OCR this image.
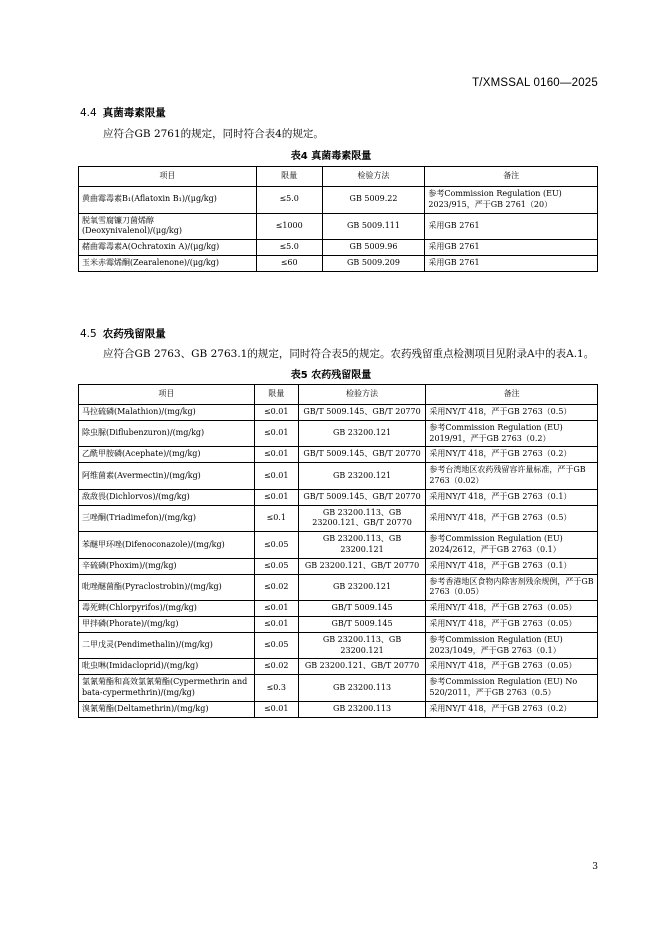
T/XMSSAL 0160—2025
4.4 真菌毒素限量
应符合GB 2761的规定，同时符合表4的规定。
表4 真菌毒素限量
项目	限量	检验方法	备注
黄曲霉毒素B₁(Aflatoxin B₁)/(μg/kg)	≤5.0	GB 5009.22	参考Commission Regulation (EU) 2023/915，严于GB 2761（20）
脱氧雪腐镰刀菌烯醇(Deoxynivalenol)/(μg/kg)	≤1000	GB 5009.111	采用GB 2761
赭曲霉毒素A(Ochratoxin A)/(μg/kg)	≤5.0	GB 5009.96	采用GB 2761
玉米赤霉烯酮(Zearalenone)/(μg/kg)	≤60	GB 5009.209	采用GB 2761
4.5 农药残留限量
应符合GB 2763、GB 2763.1的规定，同时符合表5的规定。农药残留重点检测项目见附录A中的表A.1。
表5 农药残留限量
项目	限量	检验方法	备注
马拉硫磷(Malathion)/(mg/kg)	≤0.01	GB/T 5009.145、GB/T 20770	采用NY/T 418，严于GB 2763（0.5）
除虫脲(Diflubenzuron)/(mg/kg)	≤0.01	GB 23200.121	参考Commission Regulation (EU) 2019/91，严于GB 2763（0.2）
乙酰甲胺磷(Acephate)/(mg/kg)	≤0.01	GB/T 5009.145、GB/T 20770	采用NY/T 418，严于GB 2763（0.2）
阿维菌素(Avermectin)/(mg/kg)	≤0.01	GB 23200.121	参考台湾地区农药残留容许量标准，严于GB 2763（0.02）
敌敌畏(Dichlorvos)/(mg/kg)	≤0.01	GB/T 5009.145、GB/T 20770	采用NY/T 418，严于GB 2763（0.1）
三唑酮(Triadimefon)/(mg/kg)	≤0.1	GB 23200.113、GB 23200.121、GB/T 20770	采用NY/T 418，严于GB 2763（0.5）
苯醚甲环唑(Difenoconazole)/(mg/kg)	≤0.05	GB 23200.113、GB 23200.121	参考Commission Regulation (EU) 2024/2612，严于GB 2763（0.1）
辛硫磷(Phoxim)/(mg/kg)	≤0.05	GB 23200.121、GB/T 20770	采用NY/T 418，严于GB 2763（0.1）
吡唑醚菌酯(Pyraclostrobin)/(mg/kg)	≤0.02	GB 23200.121	参考香港地区食物内除害剂残余规例，严于GB 2763（0.05）
毒死蜱(Chlorpyrifos)/(mg/kg)	≤0.01	GB/T 5009.145	采用NY/T 418，严于GB 2763（0.05）
甲拌磷(Phorate)/(mg/kg)	≤0.01	GB/T 5009.145	采用NY/T 418，严于GB 2763（0.05）
二甲戊灵(Pendimethalin)/(mg/kg)	≤0.05	GB 23200.113、GB 23200.121	参考Commission Regulation (EU) 2023/1049，严于GB 2763（0.1）
吡虫啉(Imidacloprid)/(mg/kg)	≤0.02	GB 23200.121、GB/T 20770	采用NY/T 418，严于GB 2763（0.05）
氯氰菊酯和高效氯氰菊酯(Cypermethrin and bata-cypermethrin)/(mg/kg)	≤0.3	GB 23200.113	参考Commission Regulation (EU) No 520/2011，严于GB 2763（0.5）
溴氰菊酯(Deltamethrin)/(mg/kg)	≤0.01	GB 23200.113	采用NY/T 418，严于GB 2763（0.2）
3
